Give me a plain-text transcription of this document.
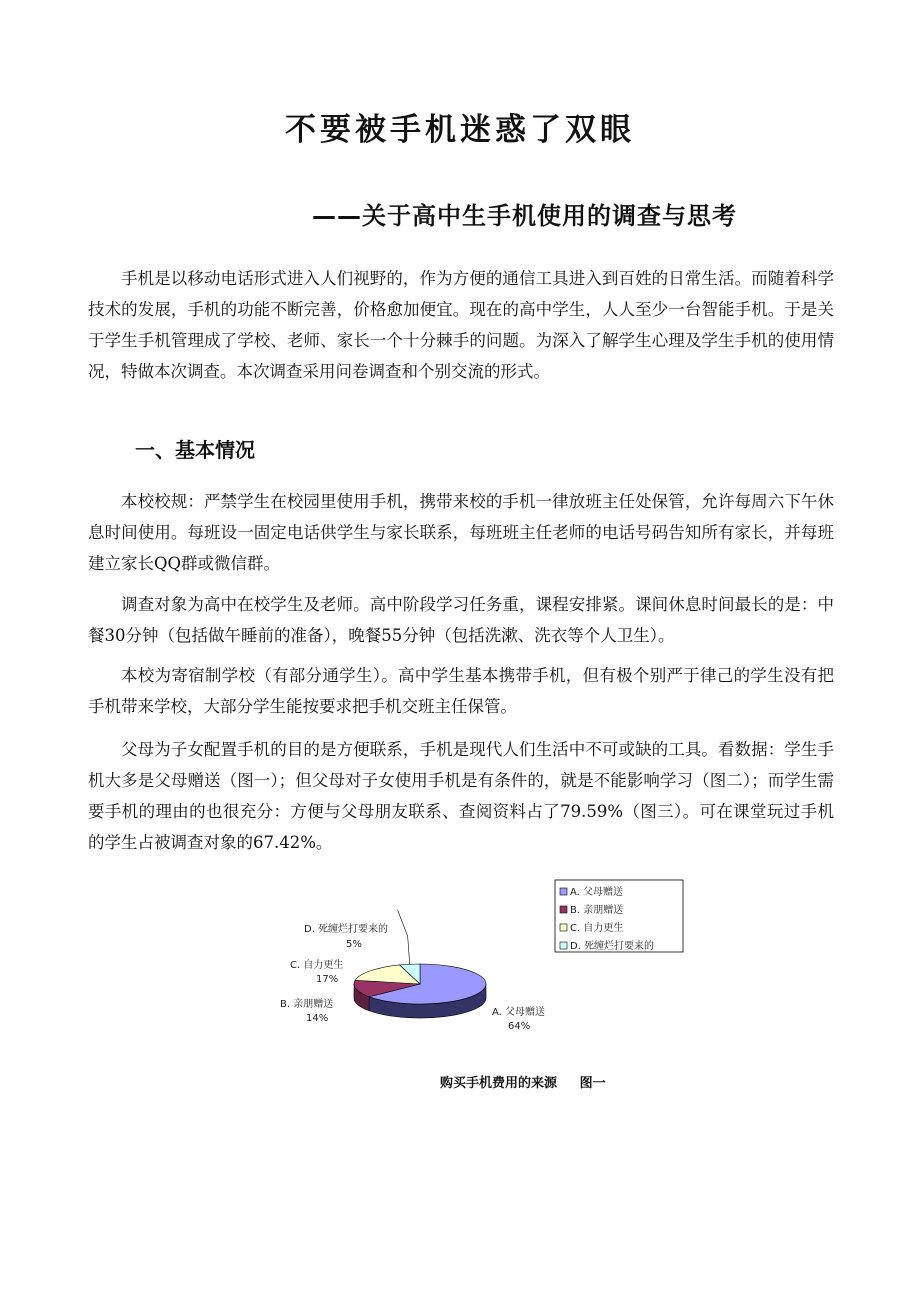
不要被手机迷惑了双眼
——关于高中生手机使用的调查与思考

手机是以移动电话形式进入人们视野的，作为方便的通信工具进入到百姓的日常生活。而随着科学技术的发展，手机的功能不断完善，价格愈加便宜。现在的高中学生，人人至少一台智能手机。于是关于学生手机管理成了学校、老师、家长一个十分棘手的问题。为深入了解学生心理及学生手机的使用情况，特做本次调查。本次调查采用问卷调查和个别交流的形式。

一、基本情况

本校校规：严禁学生在校园里使用手机，携带来校的手机一律放班主任处保管，允许每周六下午休息时间使用。每班设一固定电话供学生与家长联系，每班班主任老师的电话号码告知所有家长，并每班建立家长QQ群或微信群。

调查对象为高中在校学生及老师。高中阶段学习任务重，课程安排紧。课间休息时间最长的是：中餐30分钟（包括做午睡前的准备），晚餐55分钟（包括洗漱、洗衣等个人卫生）。

本校为寄宿制学校（有部分通学生）。高中学生基本携带手机，但有极个别严于律己的学生没有把手机带来学校，大部分学生能按要求把手机交班主任保管。

父母为子女配置手机的目的是方便联系，手机是现代人们生活中不可或缺的工具。看数据：学生手机大多是父母赠送（图一）；但父母对子女使用手机是有条件的，就是不能影响学习（图二）；而学生需要手机的理由的也很充分：方便与父母朋友联系、查阅资料占了79.59%（图三）。可在课堂玩过手机的学生占被调查对象的67.42%。

A. 父母赠送
64%
B. 亲朋赠送
14%
C. 自力更生
17%
D. 死缠烂打要来的
5%
A. 父母赠送
B. 亲朋赠送
C. 自力更生
D. 死缠烂打要来的

购买手机费用的来源     图一
